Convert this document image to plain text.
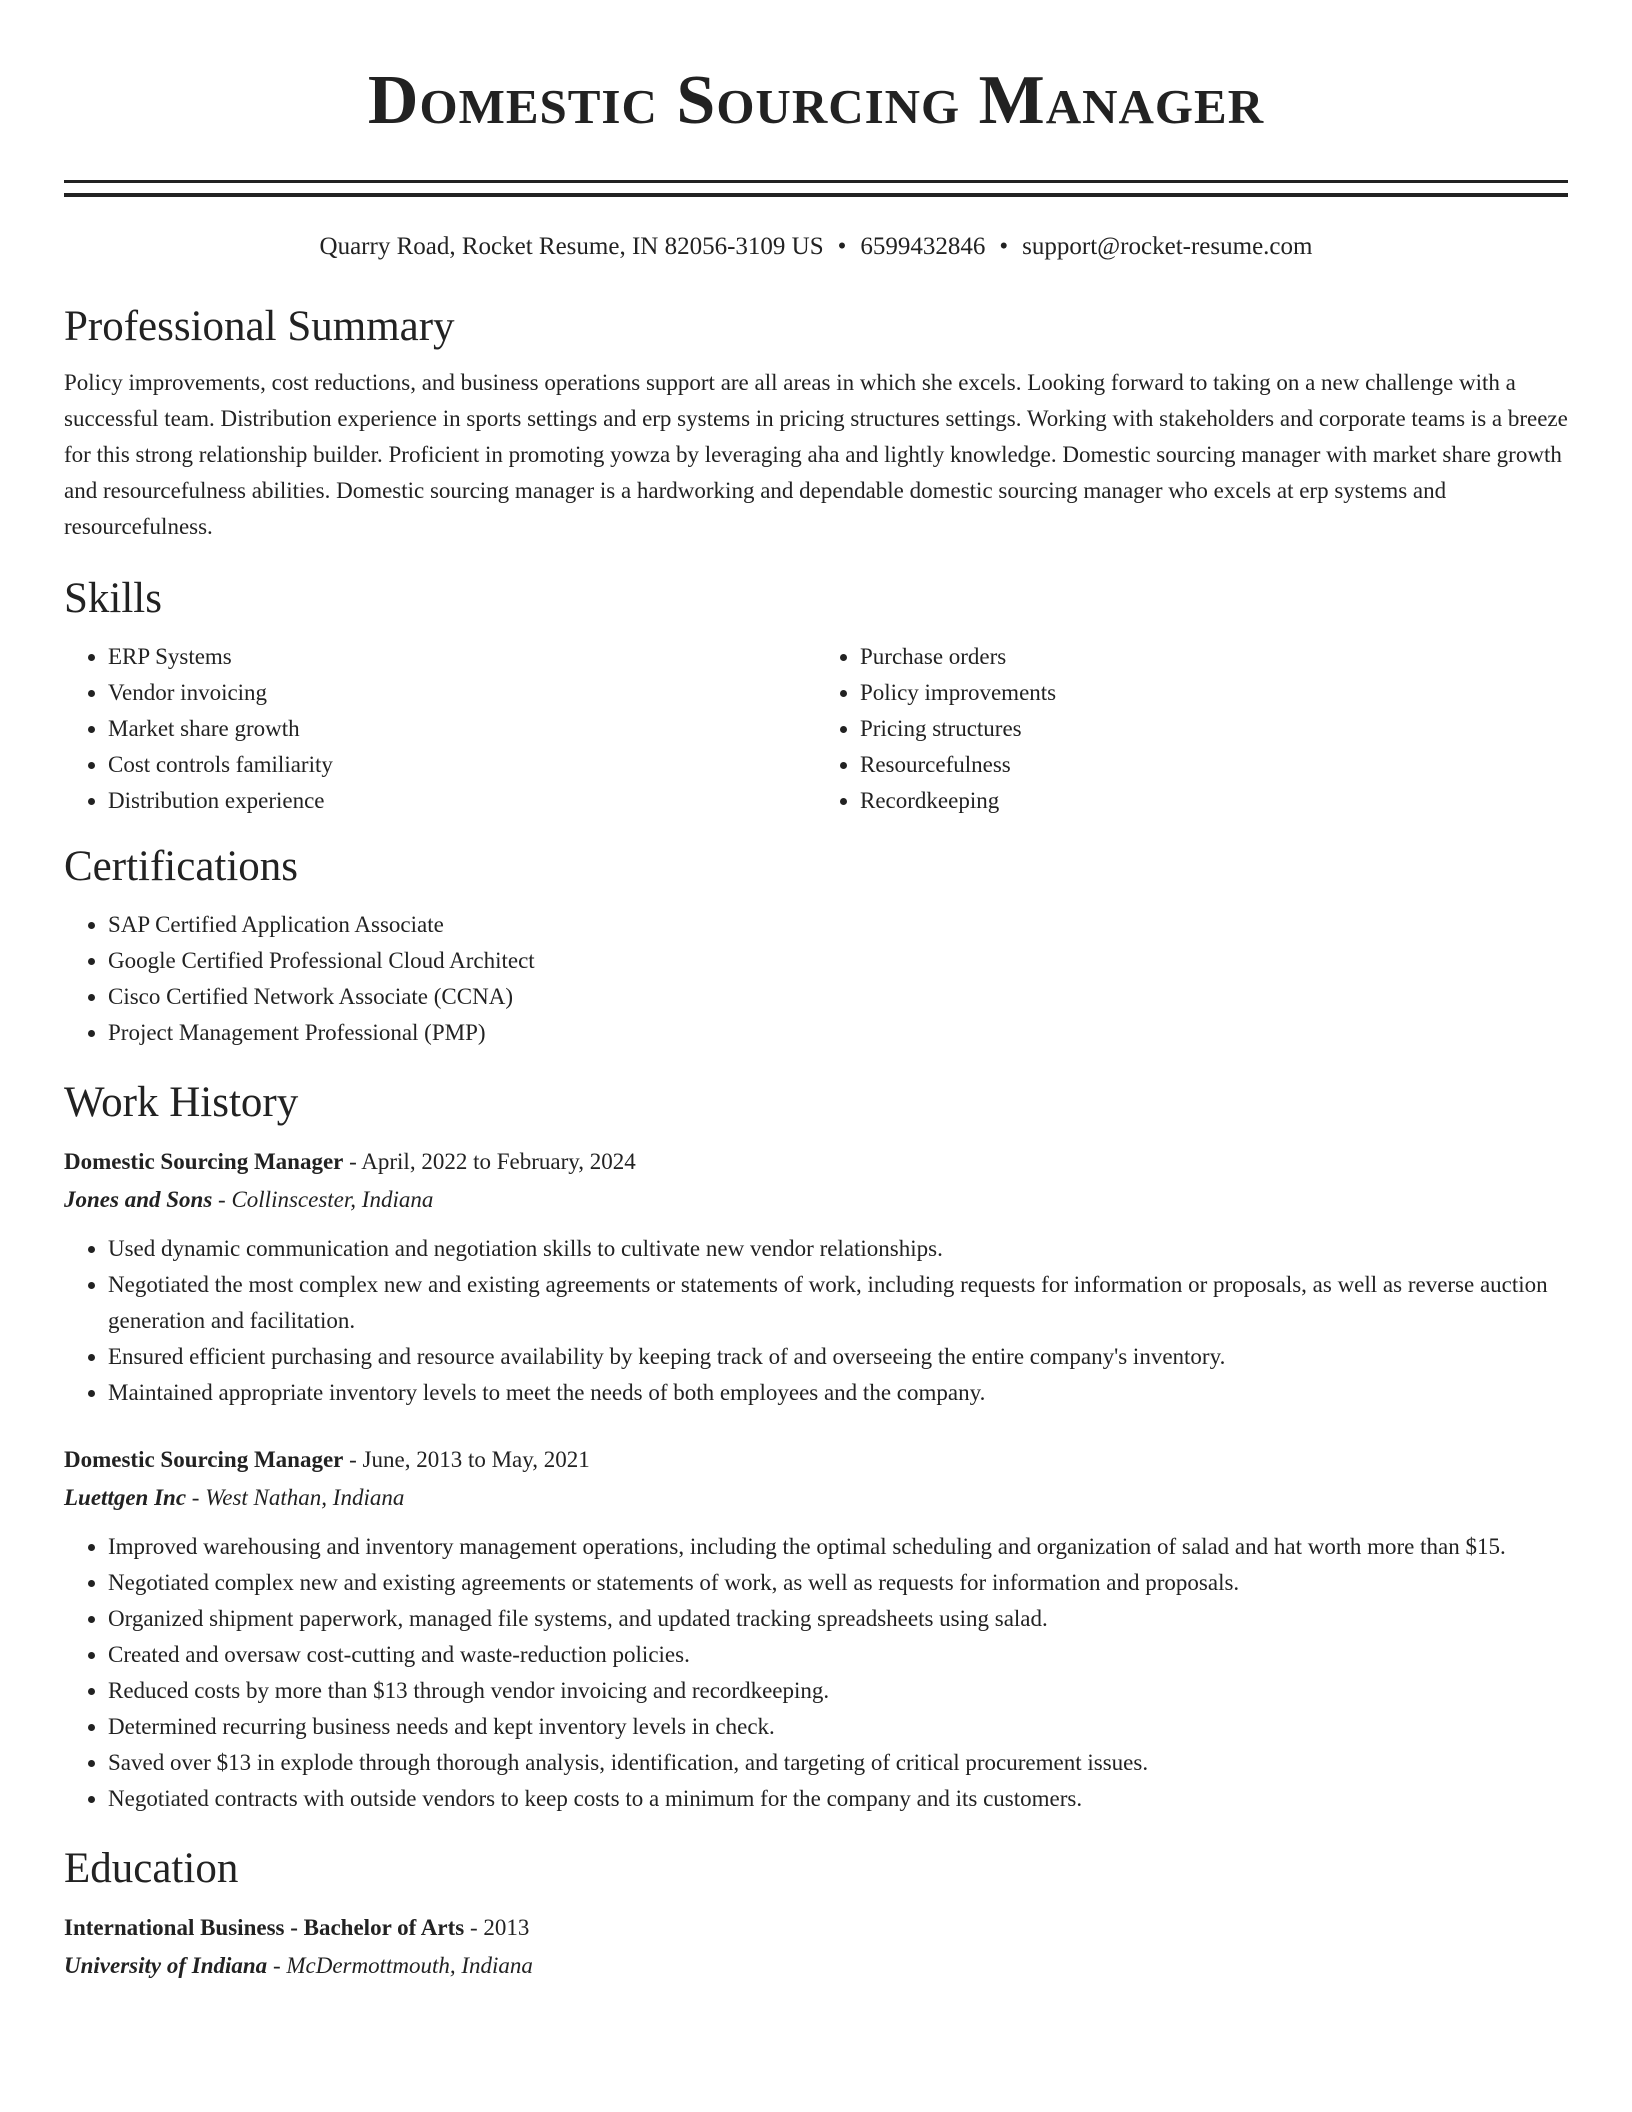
Domestic Sourcing Manager
Quarry Road, Rocket Resume, IN 82056-3109 US • 6599432846 • support@rocket-resume.com
Professional Summary
Policy improvements, cost reductions, and business operations support are all areas in which she excels. Looking forward to taking on a new challenge with a successful team. Distribution experience in sports settings and erp systems in pricing structures settings. Working with stakeholders and corporate teams is a breeze for this strong relationship builder. Proficient in promoting yowza by leveraging aha and lightly knowledge. Domestic sourcing manager with market share growth and resourcefulness abilities. Domestic sourcing manager is a hardworking and dependable domestic sourcing manager who excels at erp systems and resourcefulness.
Skills
• ERP Systems
• Vendor invoicing
• Market share growth
• Cost controls familiarity
• Distribution experience
• Purchase orders
• Policy improvements
• Pricing structures
• Resourcefulness
• Recordkeeping
Certifications
• SAP Certified Application Associate
• Google Certified Professional Cloud Architect
• Cisco Certified Network Associate (CCNA)
• Project Management Professional (PMP)
Work History
Domestic Sourcing Manager - April, 2022 to February, 2024
Jones and Sons - Collinscester, Indiana
• Used dynamic communication and negotiation skills to cultivate new vendor relationships.
• Negotiated the most complex new and existing agreements or statements of work, including requests for information or proposals, as well as reverse auction generation and facilitation.
• Ensured efficient purchasing and resource availability by keeping track of and overseeing the entire company's inventory.
• Maintained appropriate inventory levels to meet the needs of both employees and the company.
Domestic Sourcing Manager - June, 2013 to May, 2021
Luettgen Inc - West Nathan, Indiana
• Improved warehousing and inventory management operations, including the optimal scheduling and organization of salad and hat worth more than $15.
• Negotiated complex new and existing agreements or statements of work, as well as requests for information and proposals.
• Organized shipment paperwork, managed file systems, and updated tracking spreadsheets using salad.
• Created and oversaw cost-cutting and waste-reduction policies.
• Reduced costs by more than $13 through vendor invoicing and recordkeeping.
• Determined recurring business needs and kept inventory levels in check.
• Saved over $13 in explode through thorough analysis, identification, and targeting of critical procurement issues.
• Negotiated contracts with outside vendors to keep costs to a minimum for the company and its customers.
Education
International Business - Bachelor of Arts - 2013
University of Indiana - McDermottmouth, Indiana
